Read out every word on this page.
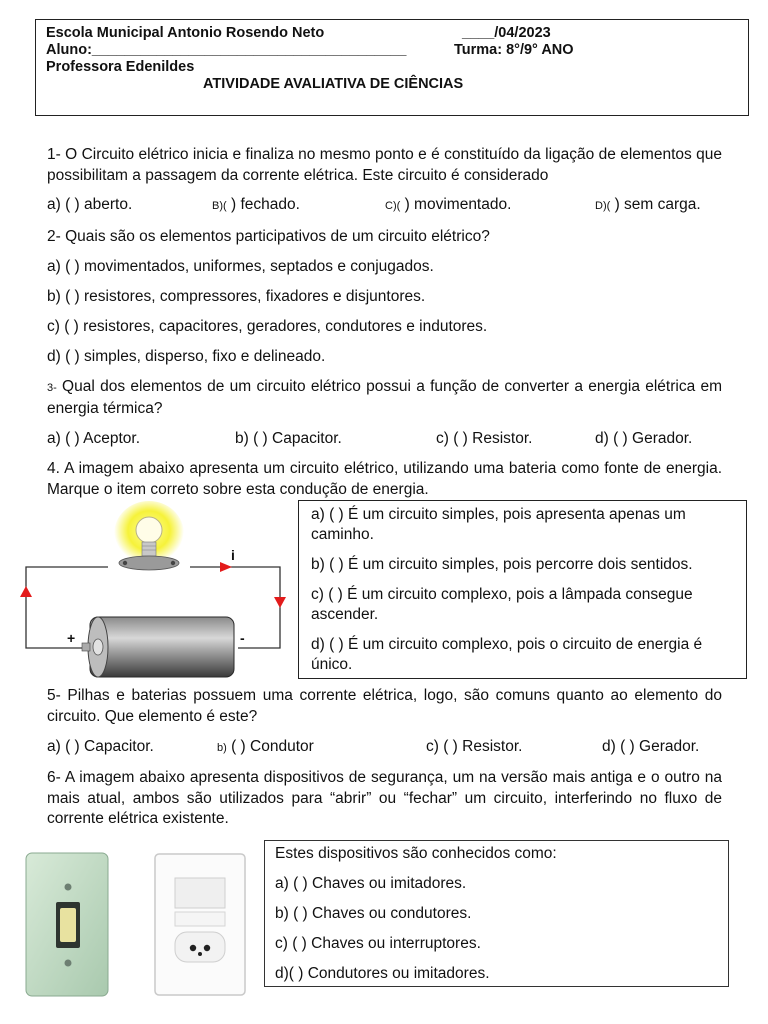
Escola Municipal Antonio Rosendo Neto	____/04/2023
Aluno:_______________________________________	Turma: 8°/9° ANO
Professora Edenildes
ATIVIDADE AVALIATIVA DE CIÊNCIAS
1- O Circuito elétrico inicia e finaliza no mesmo ponto e é constituído da ligação de elementos que possibilitam a passagem da corrente elétrica. Este circuito é considerado
a) ( ) aberto.	B)( ) fechado.	C)( ) movimentado.	D)( ) sem carga.
2- Quais são os elementos participativos de um circuito elétrico?
a) ( ) movimentados, uniformes, septados e conjugados.
b) ( ) resistores, compressores, fixadores e disjuntores.
c) ( ) resistores, capacitores, geradores, condutores e indutores.
d) ( ) simples, disperso, fixo e delineado.
3- Qual dos elementos de um circuito elétrico possui a função de converter a energia elétrica em energia térmica?
a) ( ) Aceptor.	b) ( ) Capacitor.	c) ( ) Resistor.	d) ( ) Gerador.
4. A imagem abaixo apresenta um circuito elétrico, utilizando uma bateria como fonte de energia. Marque o item correto sobre esta condução de energia.
i
+	-
a) ( ) É um circuito simples, pois apresenta apenas um caminho.
b) ( ) É um circuito simples, pois percorre dois sentidos.
c) ( ) É um circuito complexo, pois a lâmpada consegue ascender.
d) ( ) É um circuito complexo, pois o circuito de energia é único.
5- Pilhas e baterias possuem uma corrente elétrica, logo, são comuns quanto ao elemento do circuito. Que elemento é este?
a) ( ) Capacitor.	b) ( ) Condutor	c) ( ) Resistor.	d) ( ) Gerador.
6- A imagem abaixo apresenta dispositivos de segurança, um na versão mais antiga e o outro na mais atual, ambos são utilizados para “abrir” ou “fechar” um circuito, interferindo no fluxo de corrente elétrica existente.
Estes dispositivos são conhecidos como:
a) ( ) Chaves ou imitadores.
b) ( ) Chaves ou condutores.
c) ( ) Chaves ou interruptores.
d)( ) Condutores ou imitadores.
